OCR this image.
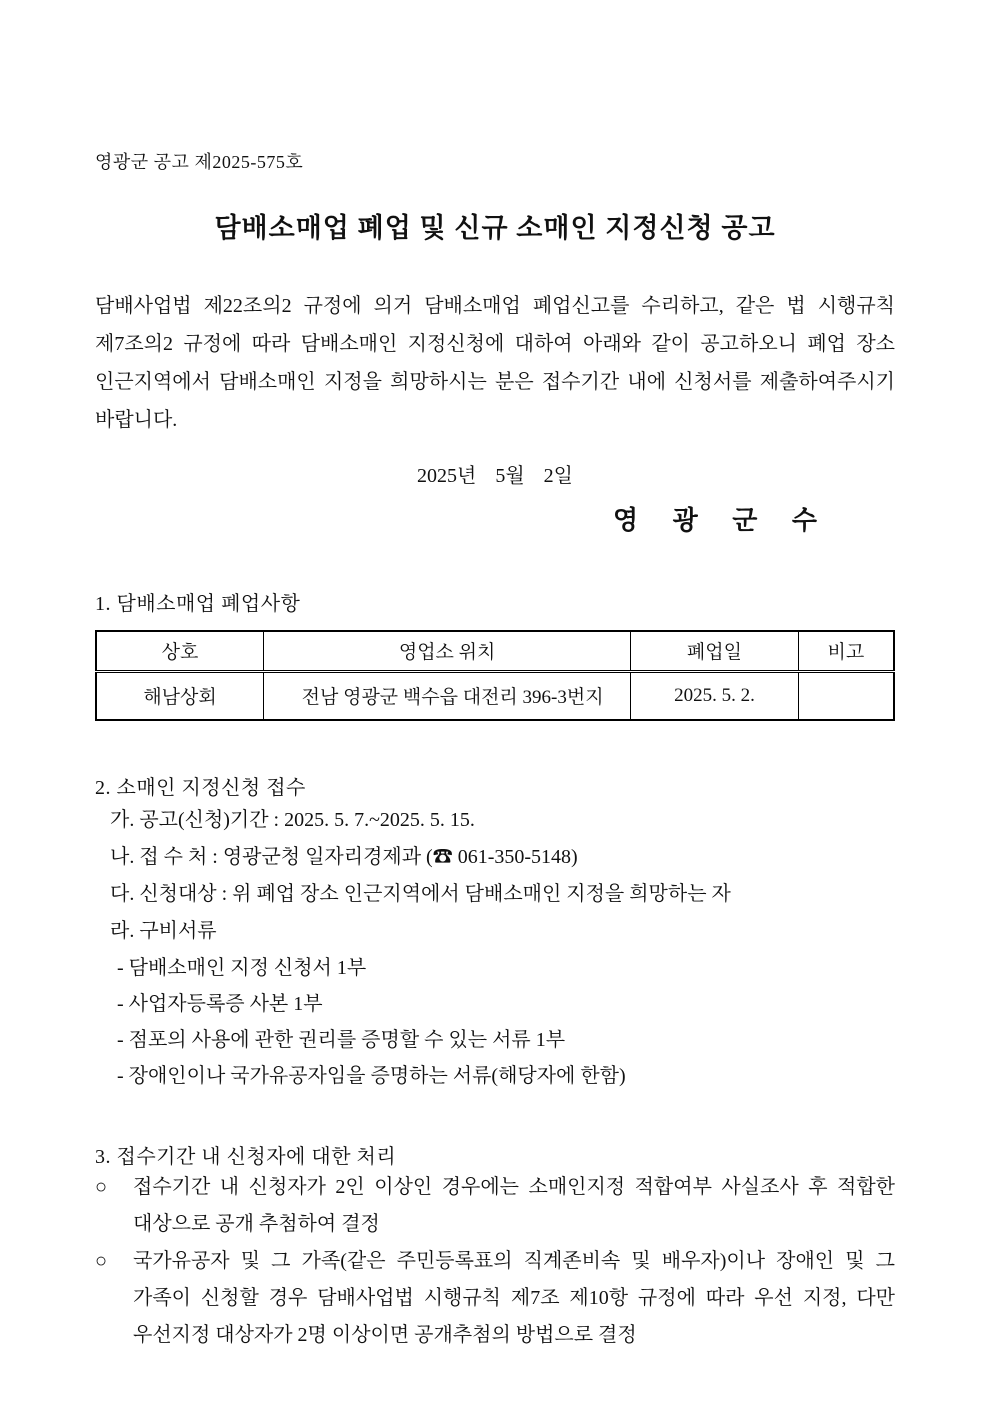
영광군 공고 제2025-575호
담배소매업 폐업 및 신규 소매인 지정신청 공고

담배사업법 제22조의2 규정에 의거 담배소매업 폐업신고를 수리하고, 같은 법 시행규칙 제7조의2 규정에 따라 담배소매인 지정신청에 대하여 아래와 같이 공고하오니 폐업 장소 인근지역에서 담배소매인 지정을 희망하시는 분은 접수기간 내에 신청서를 제출하여주시기 바랍니다.

2025년 5월 2일
영 광 군 수
1. 담배소매업 폐업사항
상호	영업소 위치	폐업일	비고
해남상회	전남 영광군 백수읍 대전리 396-3번지	2025. 5. 2.	
2. 소매인 지정신청 접수
가. 공고(신청)기간 : 2025. 5. 7.~2025. 5. 15.
나. 접 수 처 : 영광군청 일자리경제과 (☎ 061-350-5148)
다. 신청대상 : 위 폐업 장소 인근지역에서 담배소매인 지정을 희망하는 자
라. 구비서류
- 담배소매인 지정 신청서 1부
- 사업자등록증 사본 1부
- 점포의 사용에 관한 권리를 증명할 수 있는 서류 1부
- 장애인이나 국가유공자임을 증명하는 서류(해당자에 한함)
3. 접수기간 내 신청자에 대한 처리
○ 접수기간 내 신청자가 2인 이상인 경우에는 소매인지정 적합여부 사실조사 후 적합한 대상으로 공개 추첨하여 결정
○ 국가유공자 및 그 가족(같은 주민등록표의 직계존비속 및 배우자)이나 장애인 및 그 가족이 신청할 경우 담배사업법 시행규칙 제7조 제10항 규정에 따라 우선 지정, 다만 우선지정 대상자가 2명 이상이면 공개추첨의 방법으로 결정
